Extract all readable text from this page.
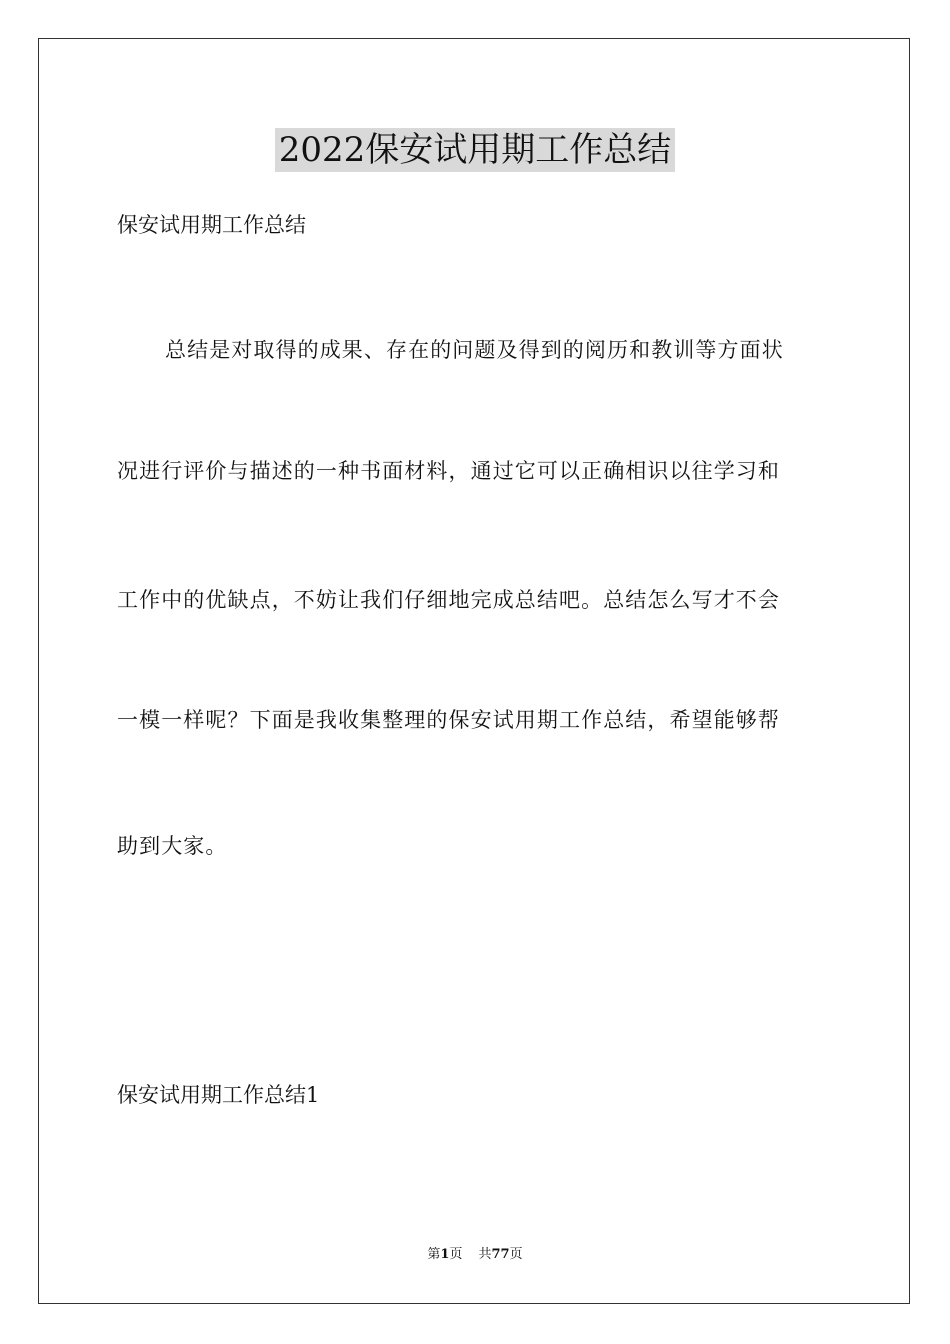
2022保安试用期工作总结
保安试用期工作总结
总结是对取得的成果、存在的问题及得到的阅历和教训等方面状
况进行评价与描述的一种书面材料，通过它可以正确相识以往学习和
工作中的优缺点，不妨让我们仔细地完成总结吧。总结怎么写才不会
一模一样呢？下面是我收集整理的保安试用期工作总结，希望能够帮
助到大家。
保安试用期工作总结1
第1页 共77页
